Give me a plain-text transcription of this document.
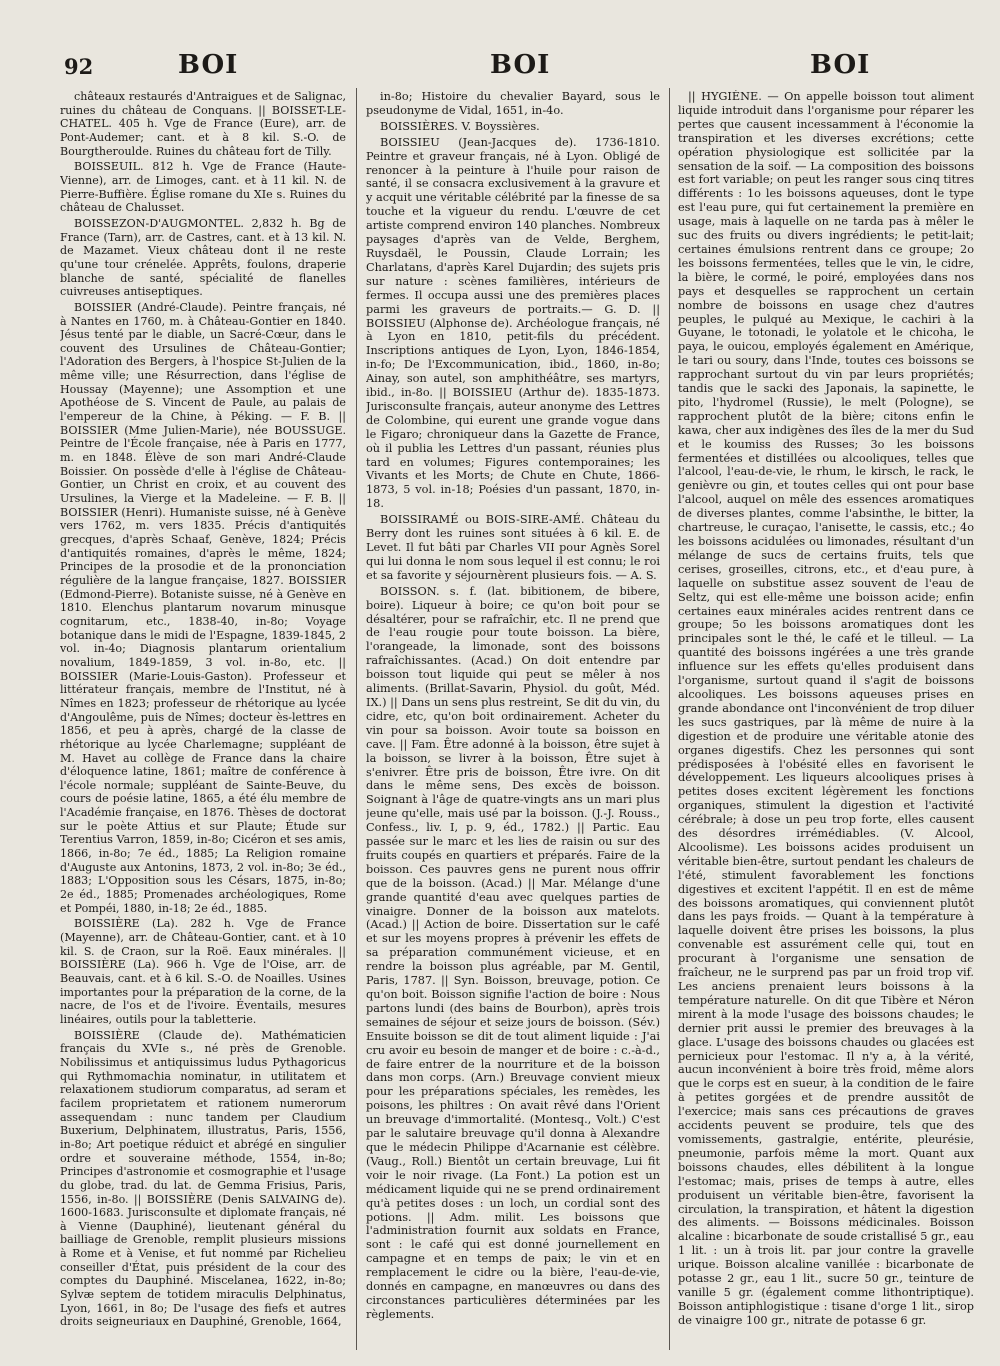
92	BOI	BOI	BOI

châteaux restaurés d'Antraigues et de Salignac, ruines du château de Conquans. || BOISSET-LE-CHATEL. 405 h. Vge de France (Eure), arr. de Pont-Audemer; cant. et à 8 kil. S.-O. de Bourgtheroulde. Ruines du château fort de Tilly.

BOISSEUIL. 812 h. Vge de France (Haute-Vienne), arr. de Limoges, cant. et à 11 kil. N. de Pierre-Buffière. Église romane du XIe s. Ruines du château de Chalusset.

BOISSEZON-D'AUGMONTEL. 2,832 h. Bg de France (Tarn), arr. de Castres, cant. et à 13 kil. N. de Mazamet. Vieux château dont il ne reste qu'une tour crénelée. Apprêts, foulons, draperie blanche de santé, spécialité de flanelles cuivreuses antiseptiques.

BOISSIER (André-Claude). Peintre français, né à Nantes en 1760, m. à Château-Gontier en 1840. Jésus tenté par le diable, un Sacré-Cœur, dans le couvent des Ursulines de Château-Gontier; l'Adoration des Bergers, à l'hospice St-Julien de la même ville; une Résurrection, dans l'église de Houssay (Mayenne); une Assomption et une Apothéose de S. Vincent de Paule, au palais de l'empereur de la Chine, à Péking. — F. B. || BOISSIER (Mme Julien-Marie), née BOUSSUGE. Peintre de l'École française, née à Paris en 1777, m. en 1848. Élève de son mari André-Claude Boissier. On possède d'elle à l'église de Château-Gontier, un Christ en croix, et au couvent des Ursulines, la Vierge et la Madeleine. — F. B. || BOISSIER (Henri). Humaniste suisse, né à Genève vers 1762, m. vers 1835. Précis d'antiquités grecques, d'après Schaaf, Genève, 1824; Précis d'antiquités romaines, d'après le même, 1824; Principes de la prosodie et de la prononciation régulière de la langue française, 1827. BOISSIER (Edmond-Pierre). Botaniste suisse, né à Genève en 1810. Elenchus plantarum novarum minusque cognitarum, etc., 1838-40, in-8o; Voyage botanique dans le midi de l'Espagne, 1839-1845, 2 vol. in-4o; Diagnosis plantarum orientalium novalium, 1849-1859, 3 vol. in-8o, etc. || BOISSIER (Marie-Louis-Gaston). Professeur et littérateur français, membre de l'Institut, né à Nîmes en 1823; professeur de rhétorique au lycée d'Angoulême, puis de Nîmes; docteur ès-lettres en 1856, et peu à après, chargé de la classe de rhétorique au lycée Charlemagne; suppléant de M. Havet au collège de France dans la chaire d'éloquence latine, 1861; maître de conférence à l'école normale; suppléant de Sainte-Beuve, du cours de poésie latine, 1865, a été élu membre de l'Académie française, en 1876. Thèses de doctorat sur le poète Attius et sur Plaute; Étude sur Terentius Varron, 1859, in-8o; Cicéron et ses amis, 1866, in-8o; 7e éd., 1885; La Religion romaine d'Auguste aux Antonins, 1873, 2 vol. in-8o; 3e éd., 1883; L'Opposition sous les Césars, 1875, in-8o; 2e éd., 1885; Promenades archéologiques, Rome et Pompéi, 1880, in-18; 2e éd., 1885.

BOISSIÈRE (La). 282 h. Vge de France (Mayenne), arr. de Château-Gontier, cant. et à 10 kil. S. de Craon, sur la Roë. Eaux minérales. || BOISSIÈRE (La). 966 h. Vge de l'Oise, arr. de Beauvais, cant. et à 6 kil. S.-O. de Noailles. Usines importantes pour la préparation de la corne, de la nacre, de l'os et de l'ivoire. Éventails, mesures linéaires, outils pour la tabletterie.

BOISSIÈRE (Claude de). Mathématicien français du XVIe s., né près de Grenoble. Nobilissimus et antiquissimus ludus Pythagoricus qui Rythmomachia nominatur, in utilitatem et relaxationem studiorum comparatus, ad seram et facilem proprietatem et rationem numerorum assequendam : nunc tandem per Claudium Buxerium, Delphinatem, illustratus, Paris, 1556, in-8o; Art poetique réduict et abrégé en singulier ordre et souveraine méthode, 1554, in-8o; Principes d'astronomie et cosmographie et l'usage du globe, trad. du lat. de Gemma Frisius, Paris, 1556, in-8o. || BOISSIÈRE (Denis SALVAING de). 1600-1683. Jurisconsulte et diplomate français, né à Vienne (Dauphiné), lieutenant général du bailliage de Grenoble, remplit plusieurs missions à Rome et à Venise, et fut nommé par Richelieu conseiller d'État, puis président de la cour des comptes du Dauphiné. Miscelanea, 1622, in-8o; Sylvæ septem de totidem miraculis Delphinatus, Lyon, 1661, in 8o; De l'usage des fiefs et autres droits seigneuriaux en Dauphiné, Grenoble, 1664,

in-8o; Histoire du chevalier Bayard, sous le pseudonyme de Vidal, 1651, in-4o.

BOISSIÈRES. V. Boyssières.

BOISSIEU (Jean-Jacques de). 1736-1810. Peintre et graveur français, né à Lyon. Obligé de renoncer à la peinture à l'huile pour raison de santé, il se consacra exclusivement à la gravure et y acquit une véritable célébrité par la finesse de sa touche et la vigueur du rendu. L'œuvre de cet artiste comprend environ 140 planches. Nombreux paysages d'après van de Velde, Berghem, Ruysdaël, le Poussin, Claude Lorrain; les Charlatans, d'après Karel Dujardin; des sujets pris sur nature : scènes familières, intérieurs de fermes. Il occupa aussi une des premières places parmi les graveurs de portraits.— G. D. || BOISSIEU (Alphonse de). Archéologue français, né à Lyon en 1810, petit-fils du précédent. Inscriptions antiques de Lyon, Lyon, 1846-1854, in-fo; De l'Excommunication, ibid., 1860, in-8o; Ainay, son autel, son amphithéâtre, ses martyrs, ibid., in-8o. || BOISSIEU (Arthur de). 1835-1873. Jurisconsulte français, auteur anonyme des Lettres de Colombine, qui eurent une grande vogue dans le Figaro; chroniqueur dans la Gazette de France, où il publia les Lettres d'un passant, réunies plus tard en volumes; Figures contemporaines; les Vivants et les Morts; de Chute en Chute, 1866-1873, 5 vol. in-18; Poésies d'un passant, 1870, in-18.

BOISSIRAMÉ ou BOIS-SIRE-AMÉ. Château du Berry dont les ruines sont situées à 6 kil. E. de Levet. Il fut bâti par Charles VII pour Agnès Sorel qui lui donna le nom sous lequel il est connu; le roi et sa favorite y séjournèrent plusieurs fois. — A. S.

BOISSON. s. f. (lat. bibitionem, de bibere, boire). Liqueur à boire; ce qu'on boit pour se désaltérer, pour se rafraîchir, etc. Il ne prend que de l'eau rougie pour toute boisson. La bière, l'orangeade, la limonade, sont des boissons rafraîchissantes. (Acad.) On doit entendre par boisson tout liquide qui peut se mêler à nos aliments. (Brillat-Savarin, Physiol. du goût, Méd. IX.) || Dans un sens plus restreint, Se dit du vin, du cidre, etc, qu'on boit ordinairement. Acheter du vin pour sa boisson. Avoir toute sa boisson en cave. || Fam. Être adonné à la boisson, être sujet à la boisson, se livrer à la boisson, Être sujet à s'enivrer. Être pris de boisson, Être ivre. On dit dans le même sens, Des excès de boisson. Soignant à l'âge de quatre-vingts ans un mari plus jeune qu'elle, mais usé par la boisson. (J.-J. Rouss., Confess., liv. I, p. 9, éd., 1782.) || Partic. Eau passée sur le marc et les lies de raisin ou sur des fruits coupés en quartiers et préparés. Faire de la boisson. Ces pauvres gens ne purent nous offrir que de la boisson. (Acad.) || Mar. Mélange d'une grande quantité d'eau avec quelques parties de vinaigre. Donner de la boisson aux matelots. (Acad.) || Action de boire. Dissertation sur le café et sur les moyens propres à prévenir les effets de sa préparation communément vicieuse, et en rendre la boisson plus agréable, par M. Gentil, Paris, 1787. || Syn. Boisson, breuvage, potion. Ce qu'on boit. Boisson signifie l'action de boire : Nous partons lundi (des bains de Bourbon), après trois semaines de séjour et seize jours de boisson. (Sév.) Ensuite boisson se dit de tout aliment liquide : J'ai cru avoir eu besoin de manger et de boire : c.-à-d., de faire entrer de la nourriture et de la boisson dans mon corps. (Arn.) Breuvage convient mieux pour les préparations spéciales, les remèdes, les poisons, les philtres : On avait rêvé dans l'Orient un breuvage d'immortalité. (Montesq., Volt.) C'est par le salutaire breuvage qu'il donna à Alexandre que le médecin Philippe d'Acarnanie est célèbre. (Vaug., Roll.) Bientôt un certain breuvage, Lui fit voir le noir rivage. (La Font.) La potion est un médicament liquide qui ne se prend ordinairement qu'à petites doses : un loch, un cordial sont des potions. || Adm. milit. Les boissons que l'administration fournit aux soldats en France, sont : le café qui est donné journellement en campagne et en temps de paix; le vin et en remplacement le cidre ou la bière, l'eau-de-vie, donnés en campagne, en manœuvres ou dans des circonstances particulières déterminées par les règlements.

|| HYGIÈNE. — On appelle boisson tout aliment liquide introduit dans l'organisme pour réparer les pertes que causent incessamment à l'économie la transpiration et les diverses excrétions; cette opération physiologique est sollicitée par la sensation de la soif. — La composition des boissons est fort variable; on peut les ranger sous cinq titres différents : 1o les boissons aqueuses, dont le type est l'eau pure, qui fut certainement la première en usage, mais à laquelle on ne tarda pas à mêler le suc des fruits ou divers ingrédients; le petit-lait; certaines émulsions rentrent dans ce groupe; 2o les boissons fermentées, telles que le vin, le cidre, la bière, le cormé, le poiré, employées dans nos pays et desquelles se rapprochent un certain nombre de boissons en usage chez d'autres peuples, le pulqué au Mexique, le cachiri à la Guyane, le totonadi, le yolatole et le chicoha, le paya, le ouicou, employés également en Amérique, le tari ou soury, dans l'Inde, toutes ces boissons se rapprochant surtout du vin par leurs propriétés; tandis que le sacki des Japonais, la sapinette, le pito, l'hydromel (Russie), le melt (Pologne), se rapprochent plutôt de la bière; citons enfin le kawa, cher aux indigènes des îles de la mer du Sud et le koumiss des Russes; 3o les boissons fermentées et distillées ou alcooliques, telles que l'alcool, l'eau-de-vie, le rhum, le kirsch, le rack, le genièvre ou gin, et toutes celles qui ont pour base l'alcool, auquel on mêle des essences aromatiques de diverses plantes, comme l'absinthe, le bitter, la chartreuse, le curaçao, l'anisette, le cassis, etc.; 4o les boissons acidulées ou limonades, résultant d'un mélange de sucs de certains fruits, tels que cerises, groseilles, citrons, etc., et d'eau pure, à laquelle on substitue assez souvent de l'eau de Seltz, qui est elle-même une boisson acide; enfin certaines eaux minérales acides rentrent dans ce groupe; 5o les boissons aromatiques dont les principales sont le thé, le café et le tilleul. — La quantité des boissons ingérées a une très grande influence sur les effets qu'elles produisent dans l'organisme, surtout quand il s'agit de boissons alcooliques. Les boissons aqueuses prises en grande abondance ont l'inconvénient de trop diluer les sucs gastriques, par là même de nuire à la digestion et de produire une véritable atonie des organes digestifs. Chez les personnes qui sont prédisposées à l'obésité elles en favorisent le développement. Les liqueurs alcooliques prises à petites doses excitent légèrement les fonctions organiques, stimulent la digestion et l'activité cérébrale; à dose un peu trop forte, elles causent des désordres irrémédiables. (V. Alcool, Alcoolisme). Les boissons acides produisent un véritable bien-être, surtout pendant les chaleurs de l'été, stimulent favorablement les fonctions digestives et excitent l'appétit. Il en est de même des boissons aromatiques, qui conviennent plutôt dans les pays froids. — Quant à la température à laquelle doivent être prises les boissons, la plus convenable est assurément celle qui, tout en procurant à l'organisme une sensation de fraîcheur, ne le surprend pas par un froid trop vif. Les anciens prenaient leurs boissons à la température naturelle. On dit que Tibère et Néron mirent à la mode l'usage des boissons chaudes; le dernier prit aussi le premier des breuvages à la glace. L'usage des boissons chaudes ou glacées est pernicieux pour l'estomac. Il n'y a, à la vérité, aucun inconvénient à boire très froid, même alors que le corps est en sueur, à la condition de le faire à petites gorgées et de prendre aussitôt de l'exercice; mais sans ces précautions de graves accidents peuvent se produire, tels que des vomissements, gastralgie, entérite, pleurésie, pneumonie, parfois même la mort. Quant aux boissons chaudes, elles débilitent à la longue l'estomac; mais, prises de temps à autre, elles produisent un véritable bien-être, favorisent la circulation, la transpiration, et hâtent la digestion des aliments. — Boissons médicinales. Boisson alcaline : bicarbonate de soude cristallisé 5 gr., eau 1 lit. : un à trois lit. par jour contre la gravelle urique. Boisson alcaline vanillée : bicarbonate de potasse 2 gr., eau 1 lit., sucre 50 gr., teinture de vanille 5 gr. (également comme lithontriptique). Boisson antiphlogistique : tisane d'orge 1 lit., sirop de vinaigre 100 gr., nitrate de potasse 6 gr.
